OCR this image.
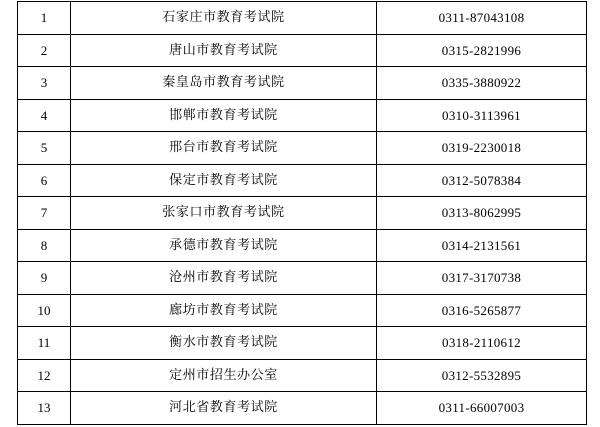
1	石家庄市教育考试院	0311-87043108
2	唐山市教育考试院	0315-2821996
3	秦皇岛市教育考试院	0335-3880922
4	邯郸市教育考试院	0310-3113961
5	邢台市教育考试院	0319-2230018
6	保定市教育考试院	0312-5078384
7	张家口市教育考试院	0313-8062995
8	承德市教育考试院	0314-2131561
9	沧州市教育考试院	0317-3170738
10	廊坊市教育考试院	0316-5265877
11	衡水市教育考试院	0318-2110612
12	定州市招生办公室	0312-5532895
13	河北省教育考试院	0311-66007003
